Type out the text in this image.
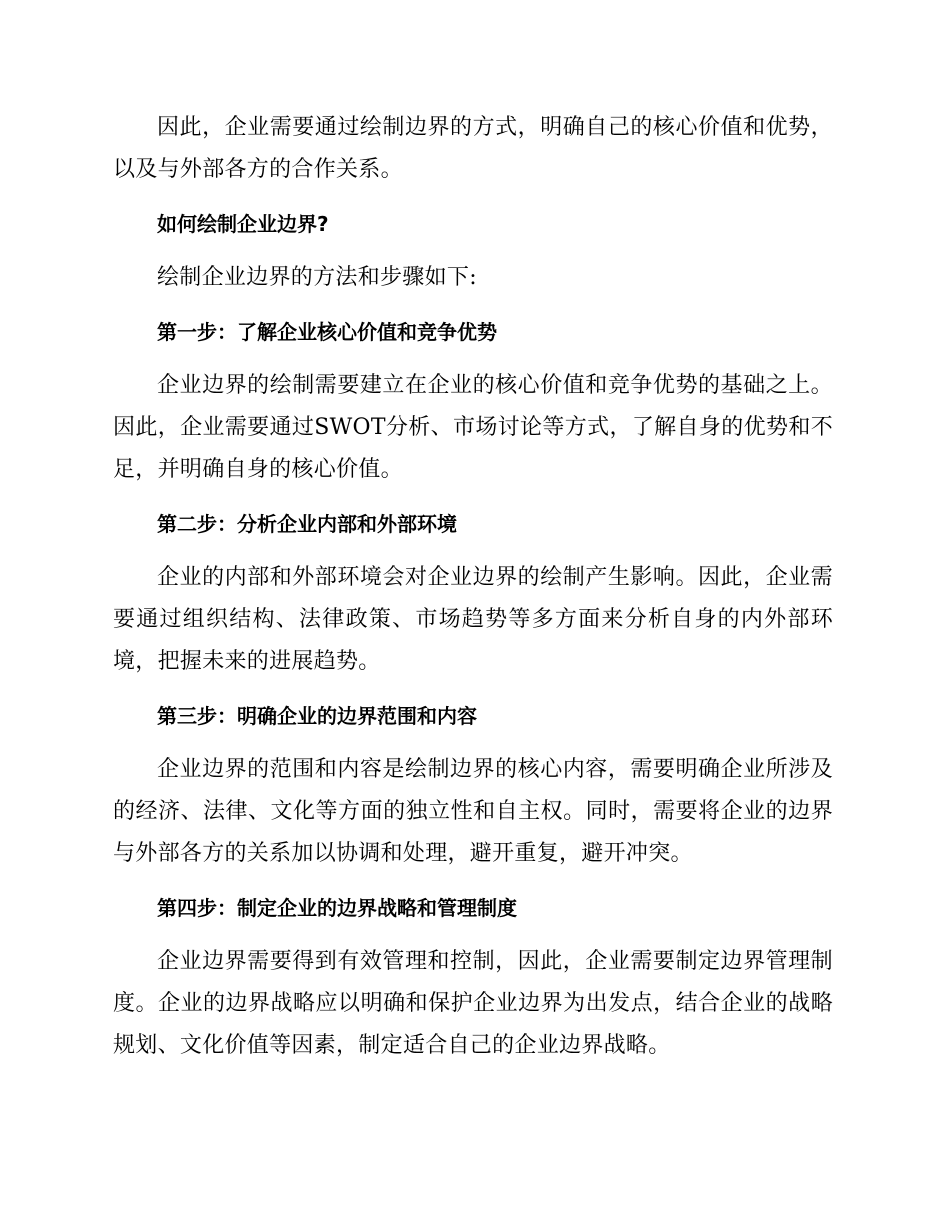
因此，企业需要通过绘制边界的方式，明确自己的核心价值和优势，以及与外部各方的合作关系。

如何绘制企业边界?

绘制企业边界的方法和步骤如下:

第一步：了解企业核心价值和竞争优势

企业边界的绘制需要建立在企业的核心价值和竞争优势的基础之上。因此，企业需要通过SWOT分析、市场讨论等方式，了解自身的优势和不足，并明确自身的核心价值。

第二步：分析企业内部和外部环境

企业的内部和外部环境会对企业边界的绘制产生影响。因此，企业需要通过组织结构、法律政策、市场趋势等多方面来分析自身的内外部环境，把握未来的进展趋势。

第三步：明确企业的边界范围和内容

企业边界的范围和内容是绘制边界的核心内容，需要明确企业所涉及的经济、法律、文化等方面的独立性和自主权。同时，需要将企业的边界与外部各方的关系加以协调和处理，避开重复，避开冲突。

第四步：制定企业的边界战略和管理制度

企业边界需要得到有效管理和控制，因此，企业需要制定边界管理制度。企业的边界战略应以明确和保护企业边界为出发点，结合企业的战略规划、文化价值等因素，制定适合自己的企业边界战略。
